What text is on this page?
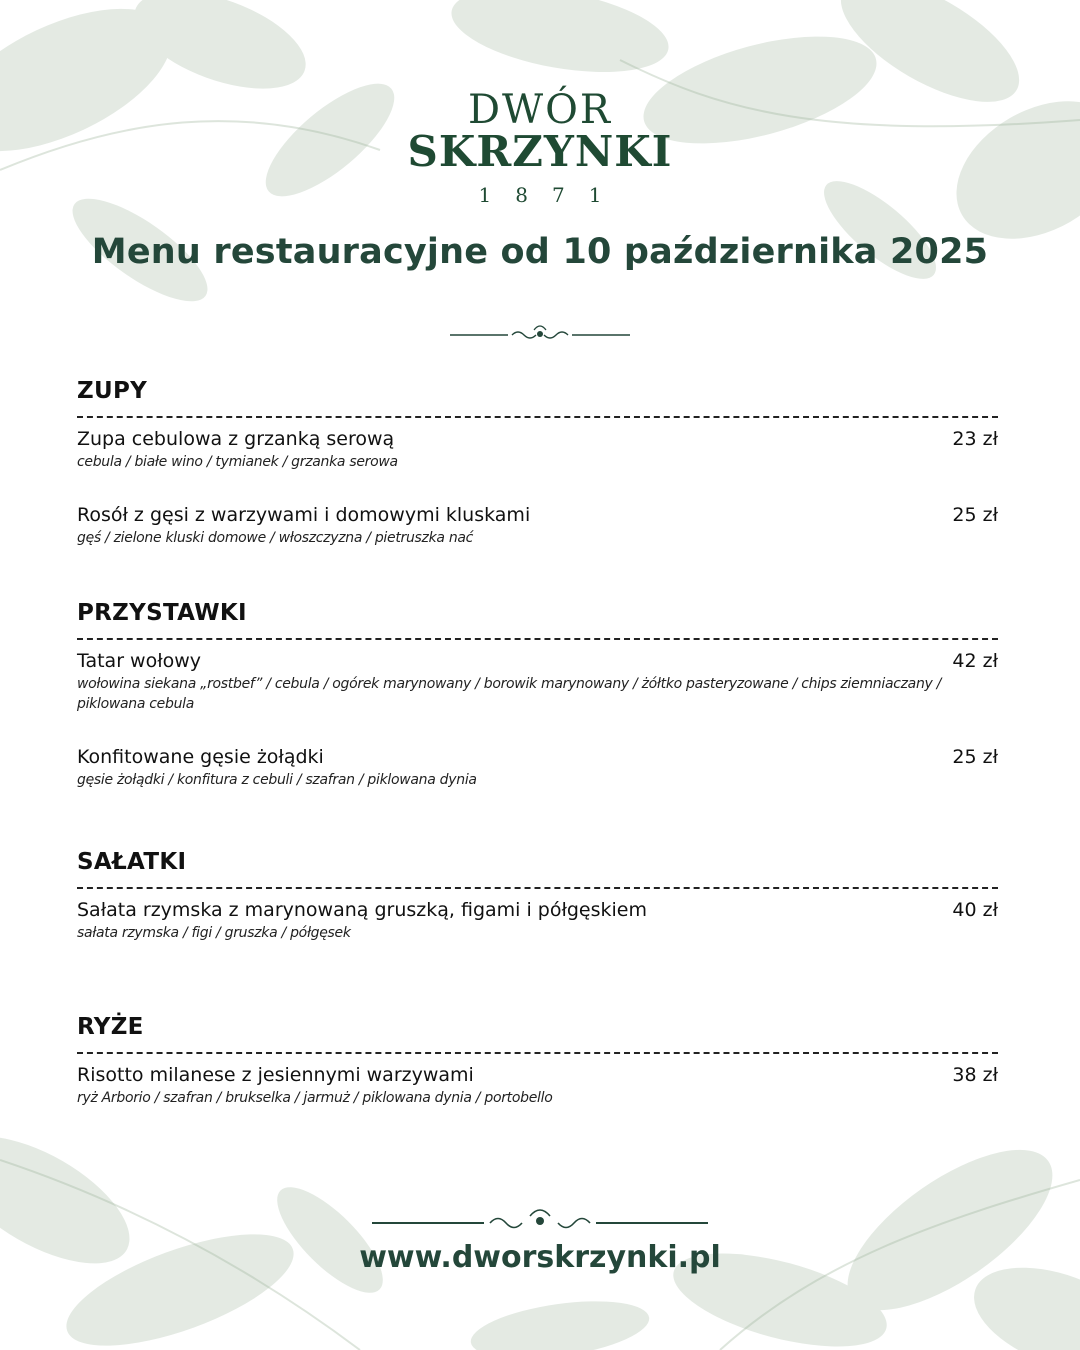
DWÓR
SKRZYNKI
1871
Menu restauracyjne od 10 października 2025
ZUPY
Zupa cebulowa z grzanką serową	23 zł
cebula / białe wino / tymianek / grzanka serowa
Rosół z gęsi z warzywami i domowymi kluskami	25 zł
gęś / zielone kluski domowe / włoszczyzna / pietruszka nać
PRZYSTAWKI
Tatar wołowy	42 zł
wołowina siekana „rostbef” / cebula / ogórek marynowany / borowik marynowany / żółtko pasteryzowane / chips ziemniaczany / piklowana cebula
Konfitowane gęsie żołądki	25 zł
gęsie żołądki / konfitura z cebuli / szafran / piklowana dynia
SAŁATKI
Sałata rzymska z marynowaną gruszką, figami i półgęskiem	40 zł
sałata rzymska / figi / gruszka / półgęsek
RYŻE
Risotto milanese z jesiennymi warzywami	38 zł
ryż Arborio / szafran / brukselka / jarmuż / piklowana dynia / portobello
www.dworskrzynki.pl
